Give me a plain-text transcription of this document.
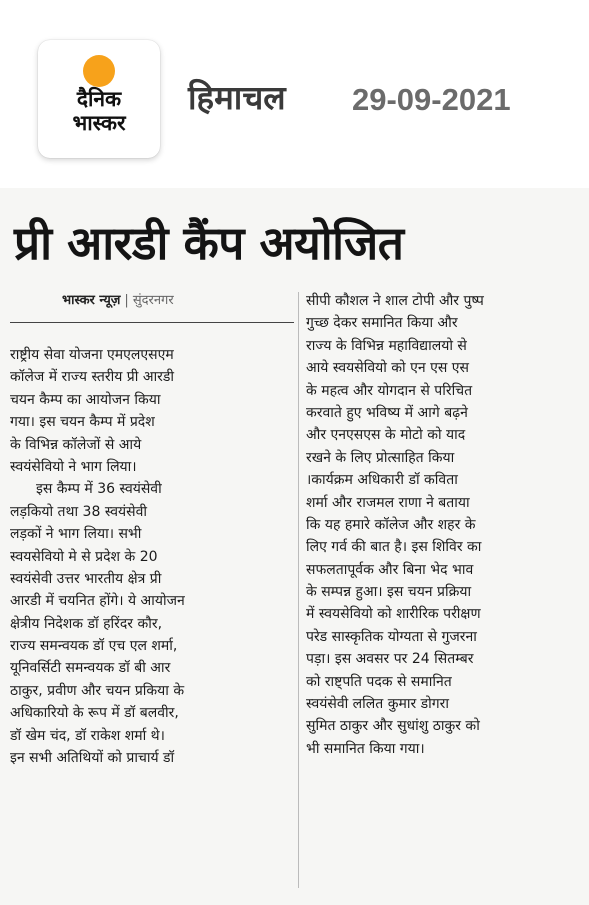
दैनिक
भास्कर
हिमाचल 29-09-2021
प्री आरडी कैंप अयोजित
भास्कर न्यूज़ | सुंदरनगर
राष्ट्रीय सेवा योजना एमएलएसएम
कॉलेज में राज्य स्तरीय प्री आरडी
चयन कैम्प का आयोजन किया
गया। इस चयन कैम्प में प्रदेश
के विभिन्न कॉलेजों से आये
स्वयंसेवियो ने भाग लिया।
इस कैम्प में 36 स्वयंसेवी
लड़कियो तथा 38 स्वयंसेवी
लड़कों ने भाग लिया। सभी
स्वयसेवियो मे से प्रदेश के 20
स्वयंसेवी उत्तर भारतीय क्षेत्र प्री
आरडी में चयनित होंगे। ये आयोजन
क्षेत्रीय निदेशक डॉ हरिंदर कौर,
राज्य समन्वयक डॉ एच एल शर्मा,
यूनिवर्सिटी समन्वयक डॉ बी आर
ठाकुर, प्रवीण और चयन प्रकिया के
अधिकारियो के रूप में डॉ बलवीर,
डॉ खेम चंद, डॉ राकेश शर्मा थे।
इन सभी अतिथियों को प्राचार्य डॉ
सीपी कौशल ने शाल टोपी और पुष्प
गुच्छ देकर समानित किया और
राज्य के विभिन्न महाविद्यालयो से
आये स्वयसेवियो को एन एस एस
के महत्व और योगदान से परिचित
करवाते हुए भविष्य में आगे बढ़ने
और एनएसएस के मोटो को याद
रखने के लिए प्रोत्साहित किया
।कार्यक्रम अधिकारी डॉ कविता
शर्मा और राजमल राणा ने बताया
कि यह हमारे कॉलेज और शहर के
लिए गर्व की बात है। इस शिविर का
सफलतापूर्वक और बिना भेद भाव
के सम्पन्न हुआ। इस चयन प्रक्रिया
में स्वयसेवियो को शारीरिक परीक्षण
परेड सास्कृतिक योग्यता से गुजरना
पड़ा। इस अवसर पर 24 सितम्बर
को राष्ट्पति पदक से समानित
स्वयंसेवी ललित कुमार डोगरा
सुमित ठाकुर और सुधांशु ठाकुर को
भी समानित किया गया।
